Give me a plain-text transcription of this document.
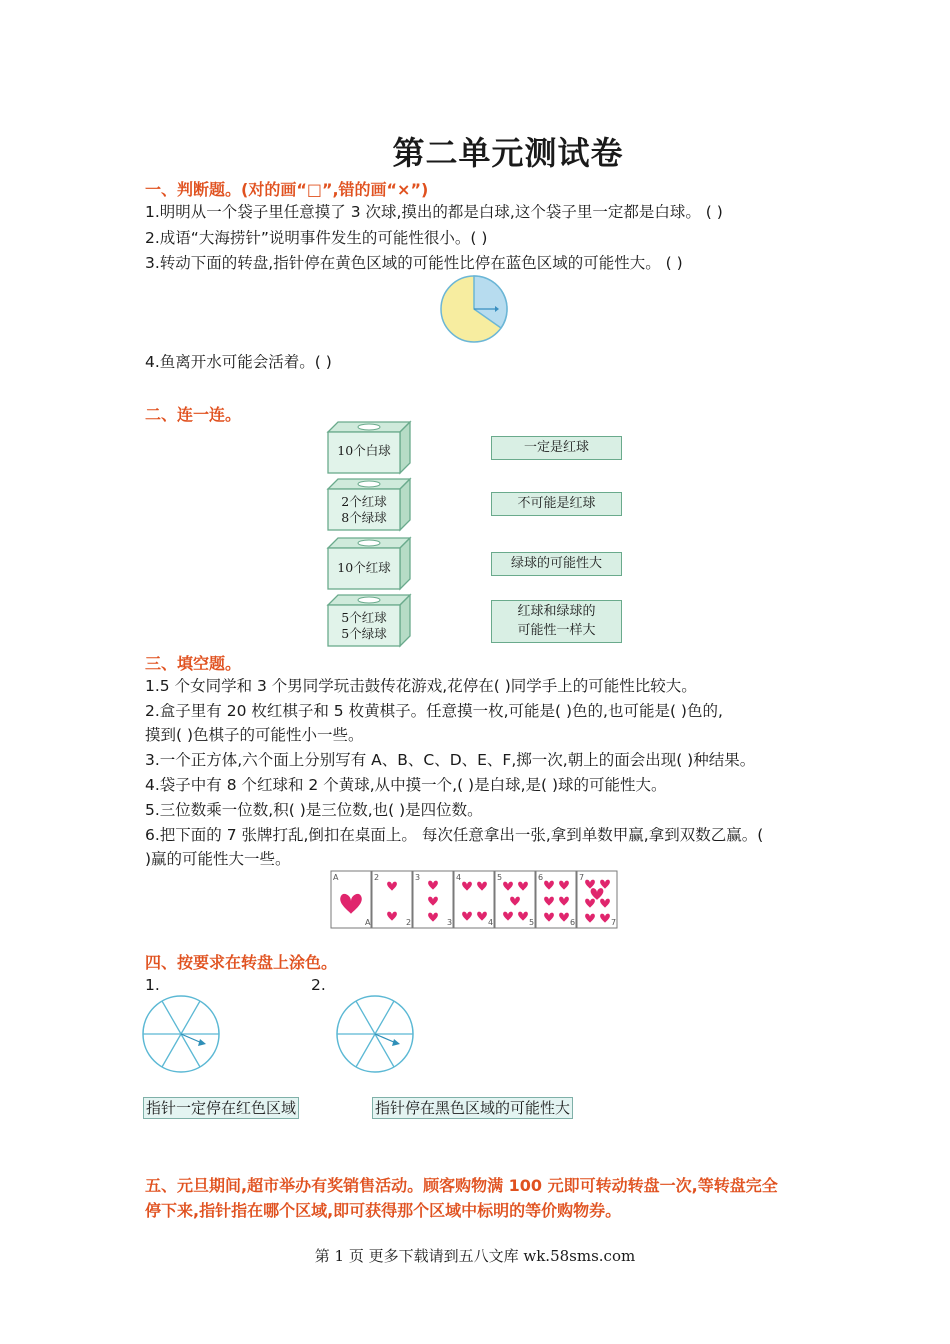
第二单元测试卷
一、判断题。(对的画“□”,错的画“×”)
1.明明从一个袋子里任意摸了 3 次球,摸出的都是白球,这个袋子里一定都是白球。 ( )
2.成语“大海捞针”说明事件发生的可能性很小。( )
3.转动下面的转盘,指针停在黄色区域的可能性比停在蓝色区域的可能性大。 ( )
4.鱼离开水可能会活着。( )
二、连一连。
10个白球
2个红球
8个绿球
10个红球
5个红球
5个绿球
一定是红球
不可能是红球
绿球的可能性大
红球和绿球的
可能性一样大
三、填空题。
1.5 个女同学和 3 个男同学玩击鼓传花游戏,花停在( )同学手上的可能性比较大。
2.盒子里有 20 枚红棋子和 5 枚黄棋子。任意摸一枚,可能是( )色的,也可能是( )色的,
摸到( )色棋子的可能性小一些。
3.一个正方体,六个面上分别写有 A、B、C、D、E、F,掷一次,朝上的面会出现( )种结果。
4.袋子中有 8 个红球和 2 个黄球,从中摸一个,( )是白球,是( )球的可能性大。
5.三位数乘一位数,积( )是三位数,也( )是四位数。
6.把下面的 7 张牌打乱,倒扣在桌面上。 每次任意拿出一张,拿到单数甲赢,拿到双数乙赢。(
)赢的可能性大一些。
A
A
2
2
3
3
4
4
5
5
6
6
7
7
四、按要求在转盘上涂色。
1.	2.
指针一定停在红色区域	指针停在黑色区域的可能性大
五、元旦期间,超市举办有奖销售活动。顾客购物满 100 元即可转动转盘一次,等转盘完全
停下来,指针指在哪个区域,即可获得那个区域中标明的等价购物券。
第 1 页 更多下载请到五八文库 wk.58sms.com
